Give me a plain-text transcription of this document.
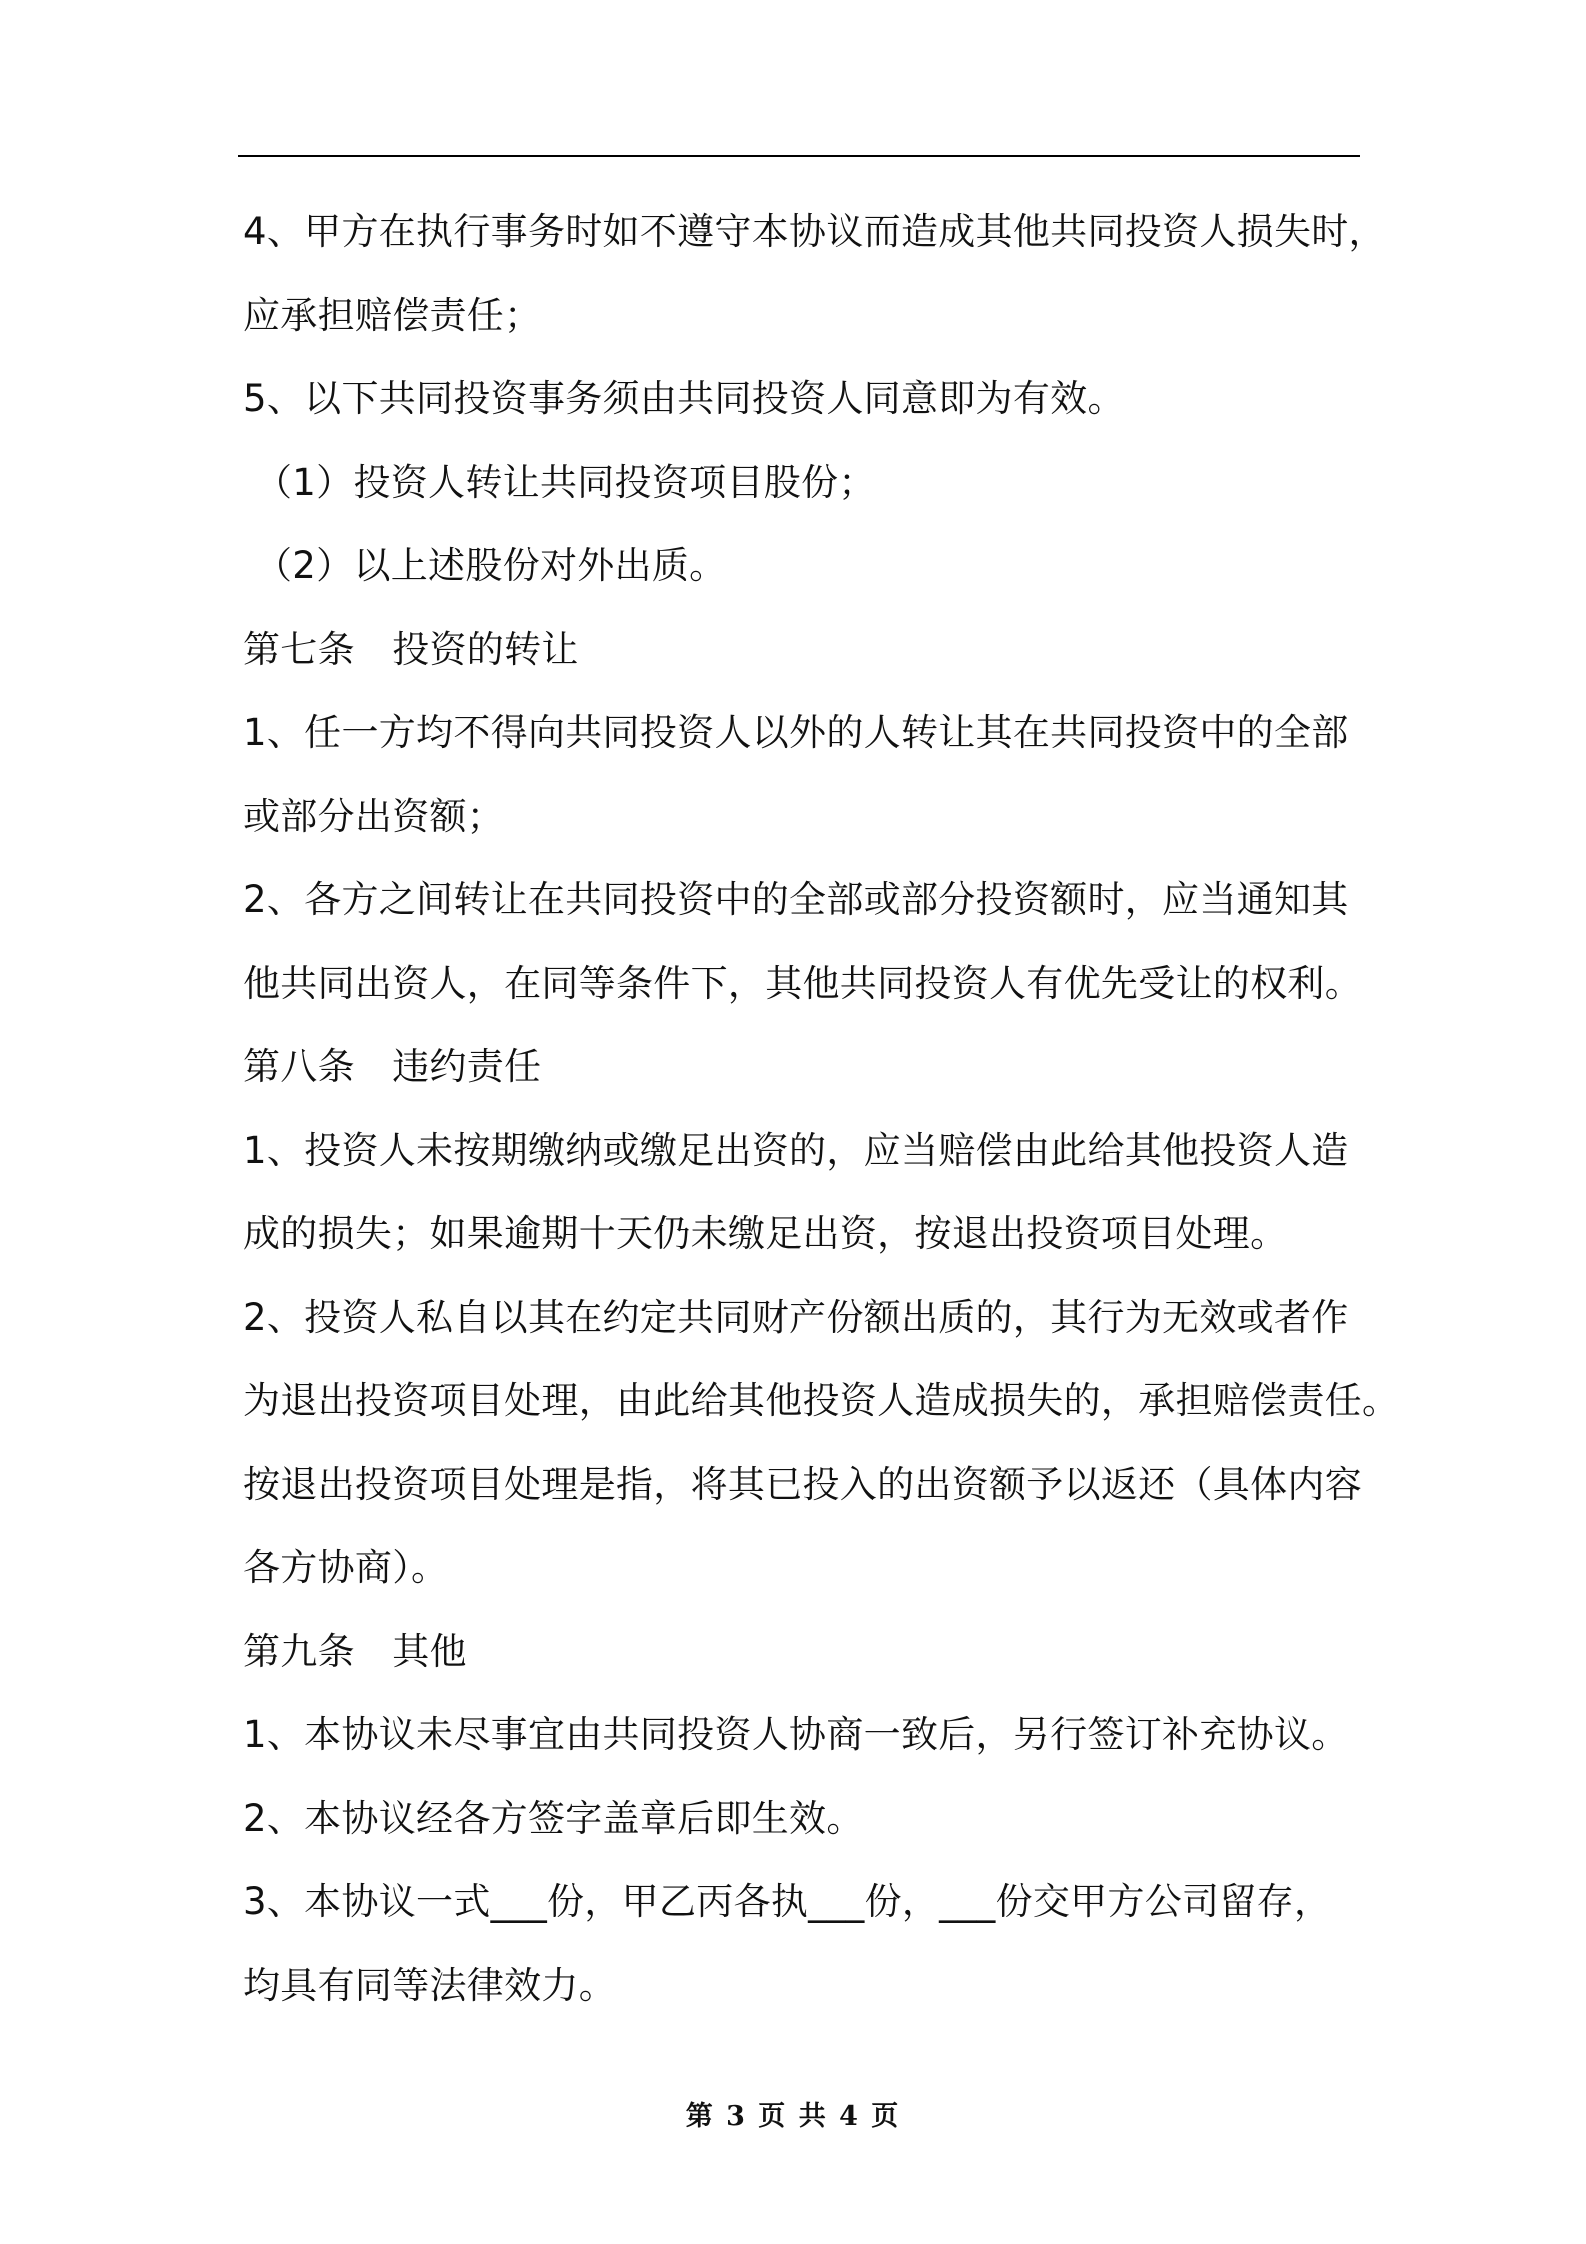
4、甲方在执行事务时如不遵守本协议而造成其他共同投资人损失时，

应承担赔偿责任；

5、以下共同投资事务须由共同投资人同意即为有效。

（1）投资人转让共同投资项目股份；

（2）以上述股份对外出质。

第七条　投资的转让

1、任一方均不得向共同投资人以外的人转让其在共同投资中的全部

或部分出资额；

2、各方之间转让在共同投资中的全部或部分投资额时，应当通知其

他共同出资人，在同等条件下，其他共同投资人有优先受让的权利。

第八条　违约责任

1、投资人未按期缴纳或缴足出资的，应当赔偿由此给其他投资人造

成的损失；如果逾期十天仍未缴足出资，按退出投资项目处理。

2、投资人私自以其在约定共同财产份额出质的，其行为无效或者作

为退出投资项目处理，由此给其他投资人造成损失的，承担赔偿责任。

按退出投资项目处理是指，将其已投入的出资额予以返还（具体内容

各方协商）。

第九条　其他

1、本协议未尽事宜由共同投资人协商一致后，另行签订补充协议。

2、本协议经各方签字盖章后即生效。

3、本协议一式___份，甲乙丙各执___份，___份交甲方公司留存，

均具有同等法律效力。

第 3 页 共 4 页
